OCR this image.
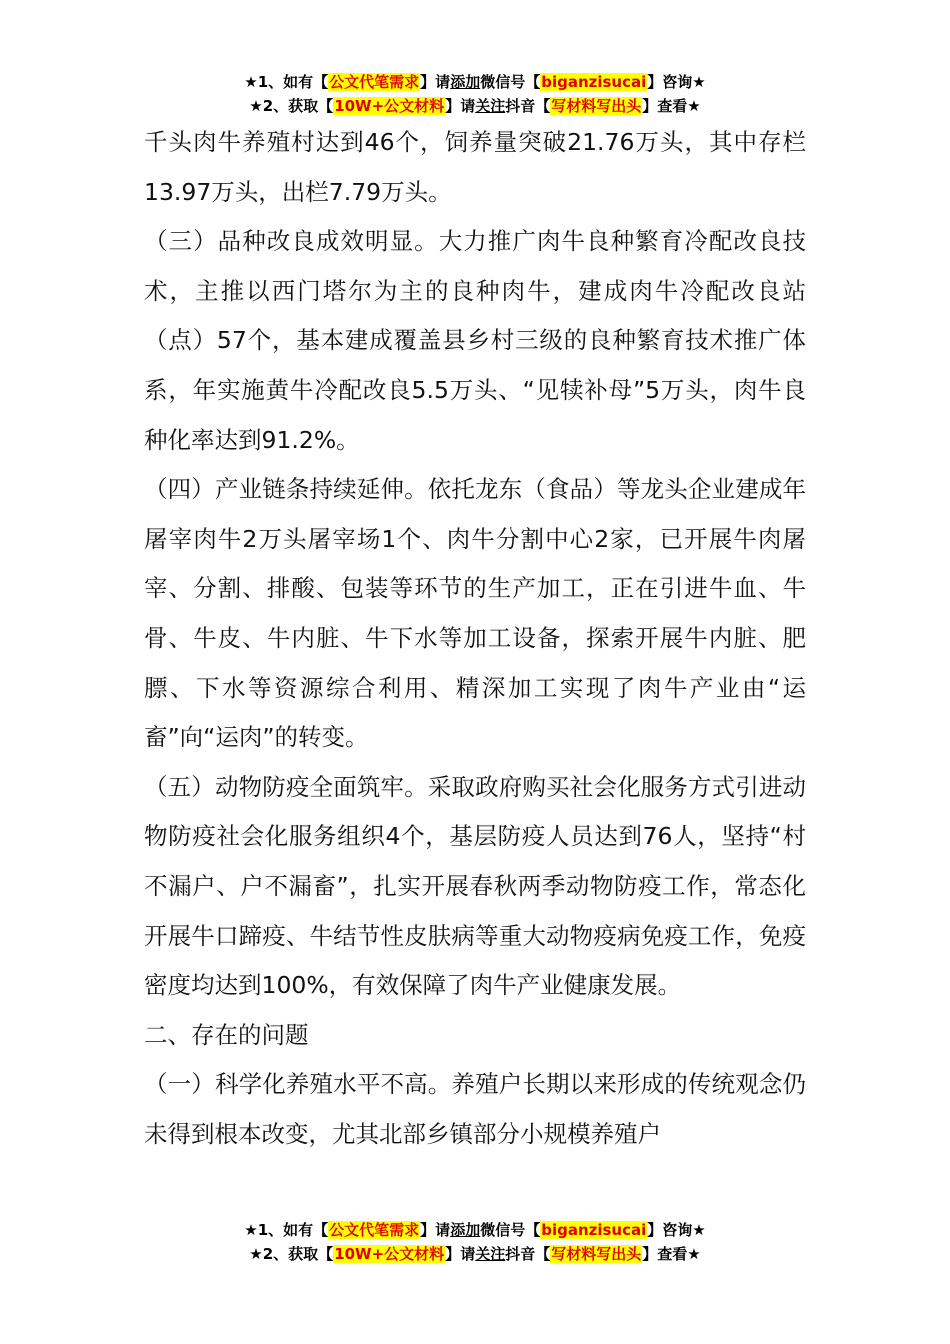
★1、如有【公文代笔需求】请添加微信号【biganzisucai】咨询★
★2、获取【10W+公文材料】请关注抖音【写材料写出头】查看★

千头肉牛养殖村达到46个，饲养量突破21.76万头，其中存栏13.97万头，出栏7.79万头。

（三）品种改良成效明显。大力推广肉牛良种繁育冷配改良技术，主推以西门塔尔为主的良种肉牛，建成肉牛冷配改良站（点）57个，基本建成覆盖县乡村三级的良种繁育技术推广体系，年实施黄牛冷配改良5.5万头、“见犊补母”5万头，肉牛良种化率达到91.2%。

（四）产业链条持续延伸。依托龙东（食品）等龙头企业建成年屠宰肉牛2万头屠宰场1个、肉牛分割中心2家，已开展牛肉屠宰、分割、排酸、包装等环节的生产加工，正在引进牛血、牛骨、牛皮、牛内脏、牛下水等加工设备，探索开展牛内脏、肥膘、下水等资源综合利用、精深加工实现了肉牛产业由“运畜”向“运肉”的转变。

（五）动物防疫全面筑牢。采取政府购买社会化服务方式引进动物防疫社会化服务组织4个，基层防疫人员达到76人，坚持“村不漏户、户不漏畜”，扎实开展春秋两季动物防疫工作，常态化开展牛口蹄疫、牛结节性皮肤病等重大动物疫病免疫工作，免疫密度均达到100%，有效保障了肉牛产业健康发展。

二、存在的问题

（一）科学化养殖水平不高。养殖户长期以来形成的传统观念仍未得到根本改变，尤其北部乡镇部分小规模养殖户

★1、如有【公文代笔需求】请添加微信号【biganzisucai】咨询★
★2、获取【10W+公文材料】请关注抖音【写材料写出头】查看★
